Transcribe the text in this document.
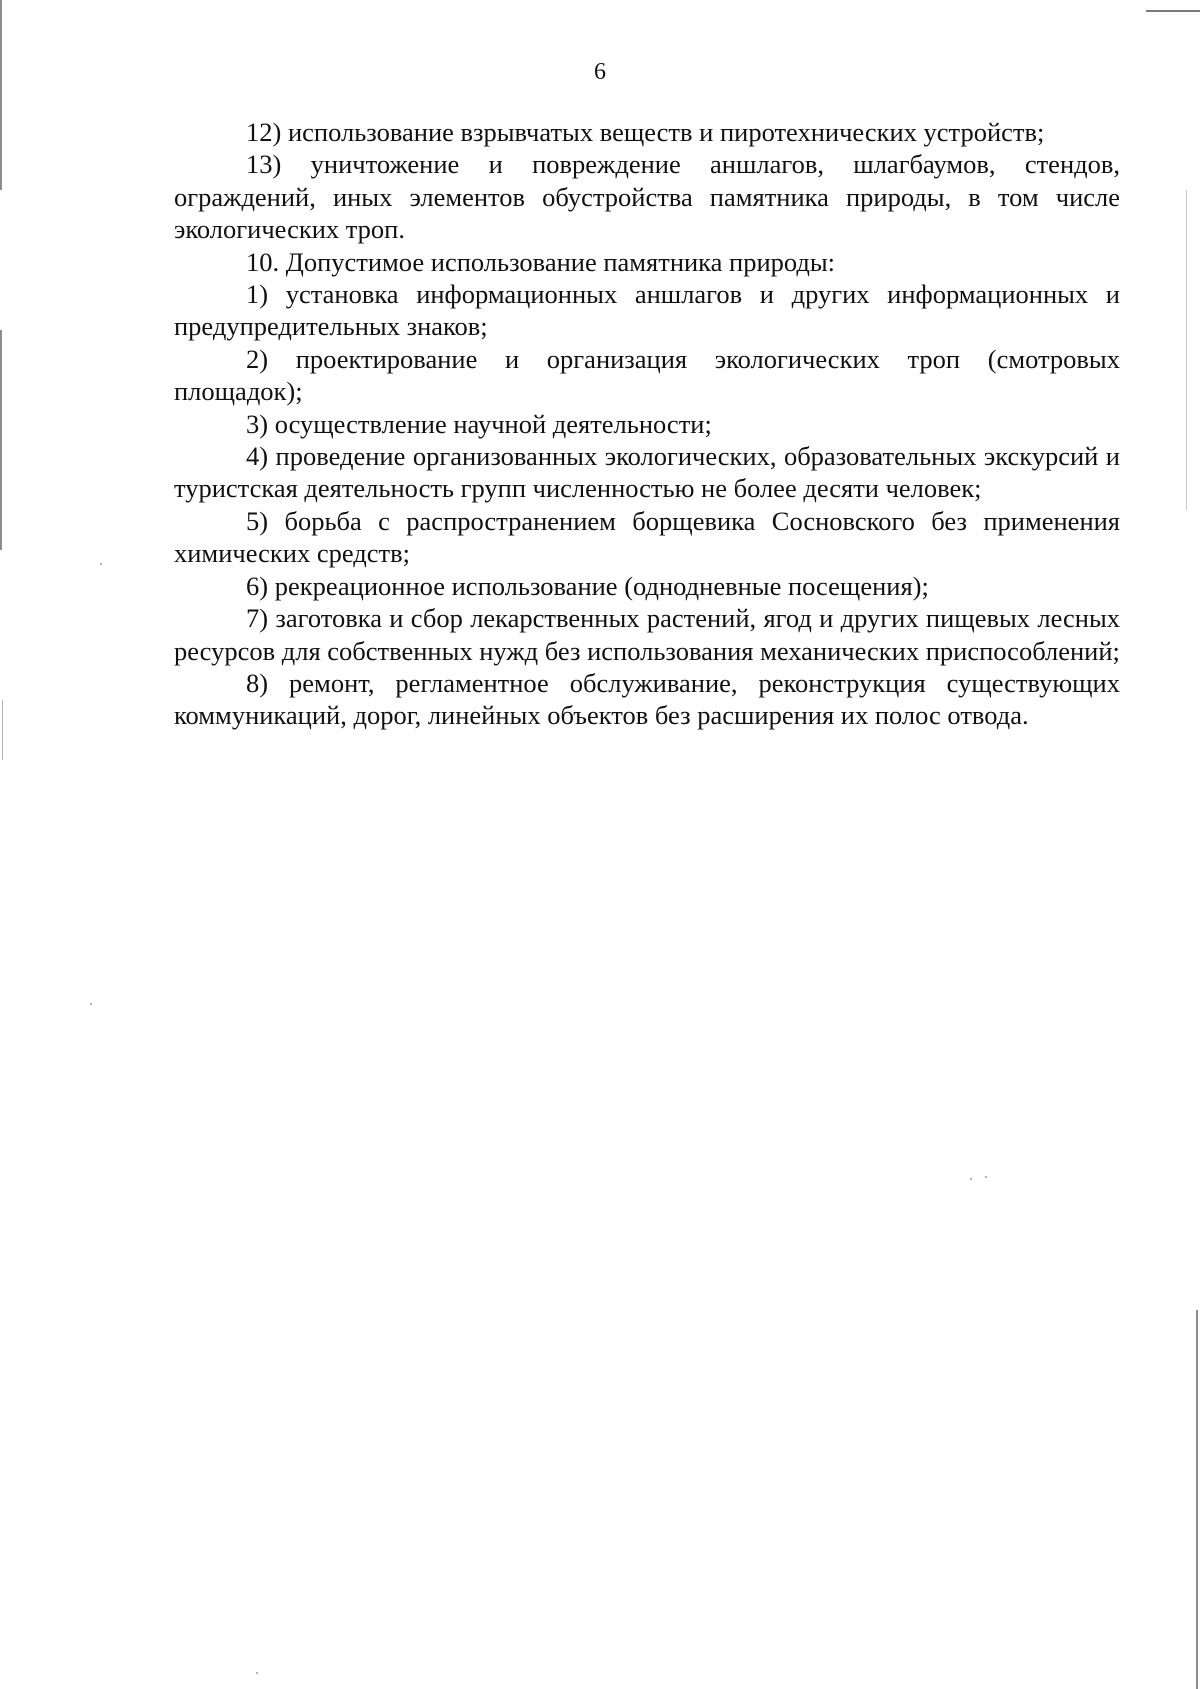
6

12) использование взрывчатых веществ и пиротехнических устройств;

13) уничтожение и повреждение аншлагов, шлагбаумов, стендов, ограждений, иных элементов обустройства памятника природы, в том числе экологических троп.

10. Допустимое использование памятника природы:

1) установка информационных аншлагов и других информационных и предупредительных знаков;

2) проектирование и организация экологических троп (смотровых площадок);

3) осуществление научной деятельности;

4) проведение организованных экологических, образовательных экскурсий и туристская деятельность групп численностью не более десяти человек;

5) борьба с распространением борщевика Сосновского без применения химических средств;

6) рекреационное использование (однодневные посещения);

7) заготовка и сбор лекарственных растений, ягод и других пищевых лесных ресурсов для собственных нужд без использования механических приспособлений;

8) ремонт, регламентное обслуживание, реконструкция существующих коммуникаций, дорог, линейных объектов без расширения их полос отвода.
